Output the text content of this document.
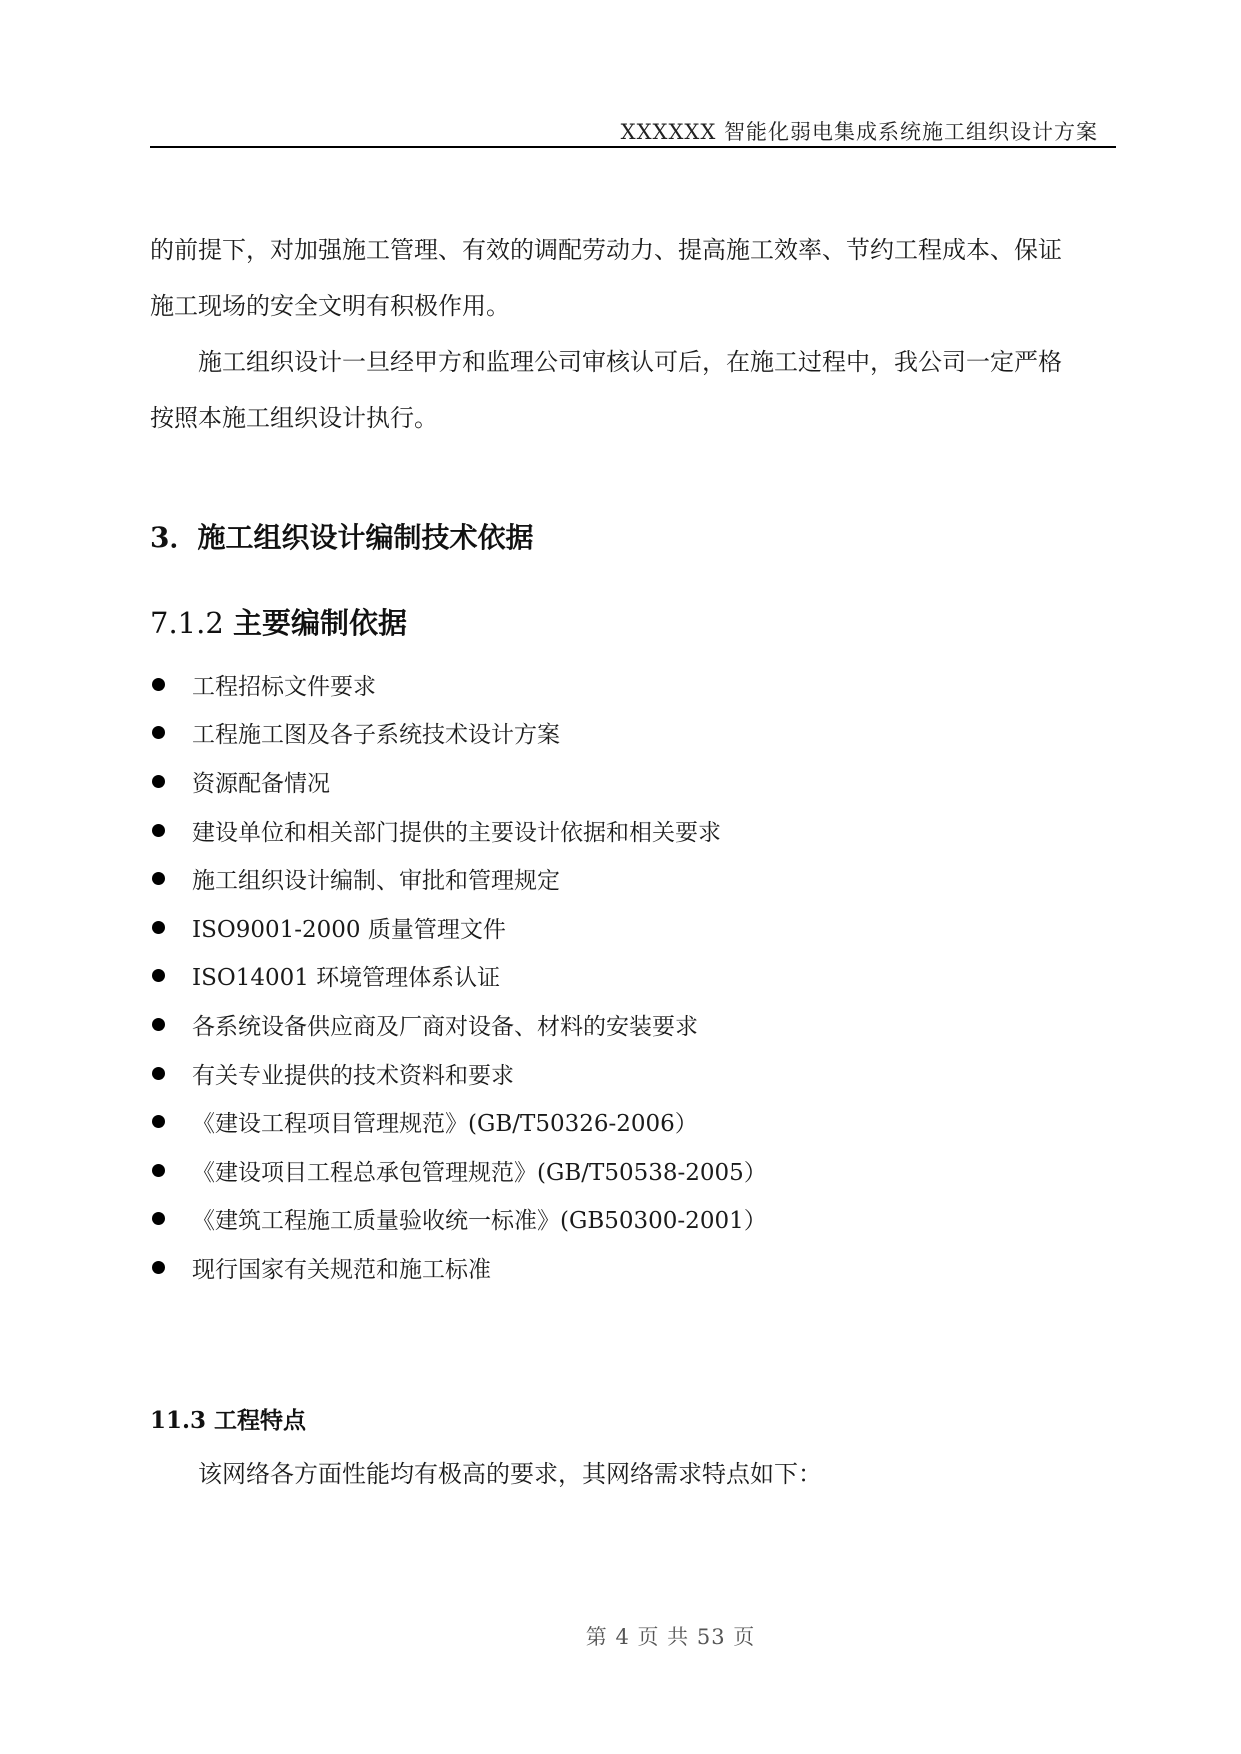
XXXXXX 智能化弱电集成系统施工组织设计方案
的前提下，对加强施工管理、有效的调配劳动力、提高施工效率、节约工程成本、保证
施工现场的安全文明有积极作用。
施工组织设计一旦经甲方和监理公司审核认可后，在施工过程中，我公司一定严格
按照本施工组织设计执行。
3．施工组织设计编制技术依据
7.1.2 主要编制依据
工程招标文件要求
工程施工图及各子系统技术设计方案
资源配备情况
建设单位和相关部门提供的主要设计依据和相关要求
施工组织设计编制、审批和管理规定
ISO9001-2000 质量管理文件
ISO14001 环境管理体系认证
各系统设备供应商及厂商对设备、材料的安装要求
有关专业提供的技术资料和要求
《建设工程项目管理规范》(GB/T50326-2006）
《建设项目工程总承包管理规范》(GB/T50538-2005）
《建筑工程施工质量验收统一标准》(GB50300-2001）
现行国家有关规范和施工标准
11.3 工程特点
该网络各方面性能均有极高的要求，其网络需求特点如下：
第 4 页 共 53 页
